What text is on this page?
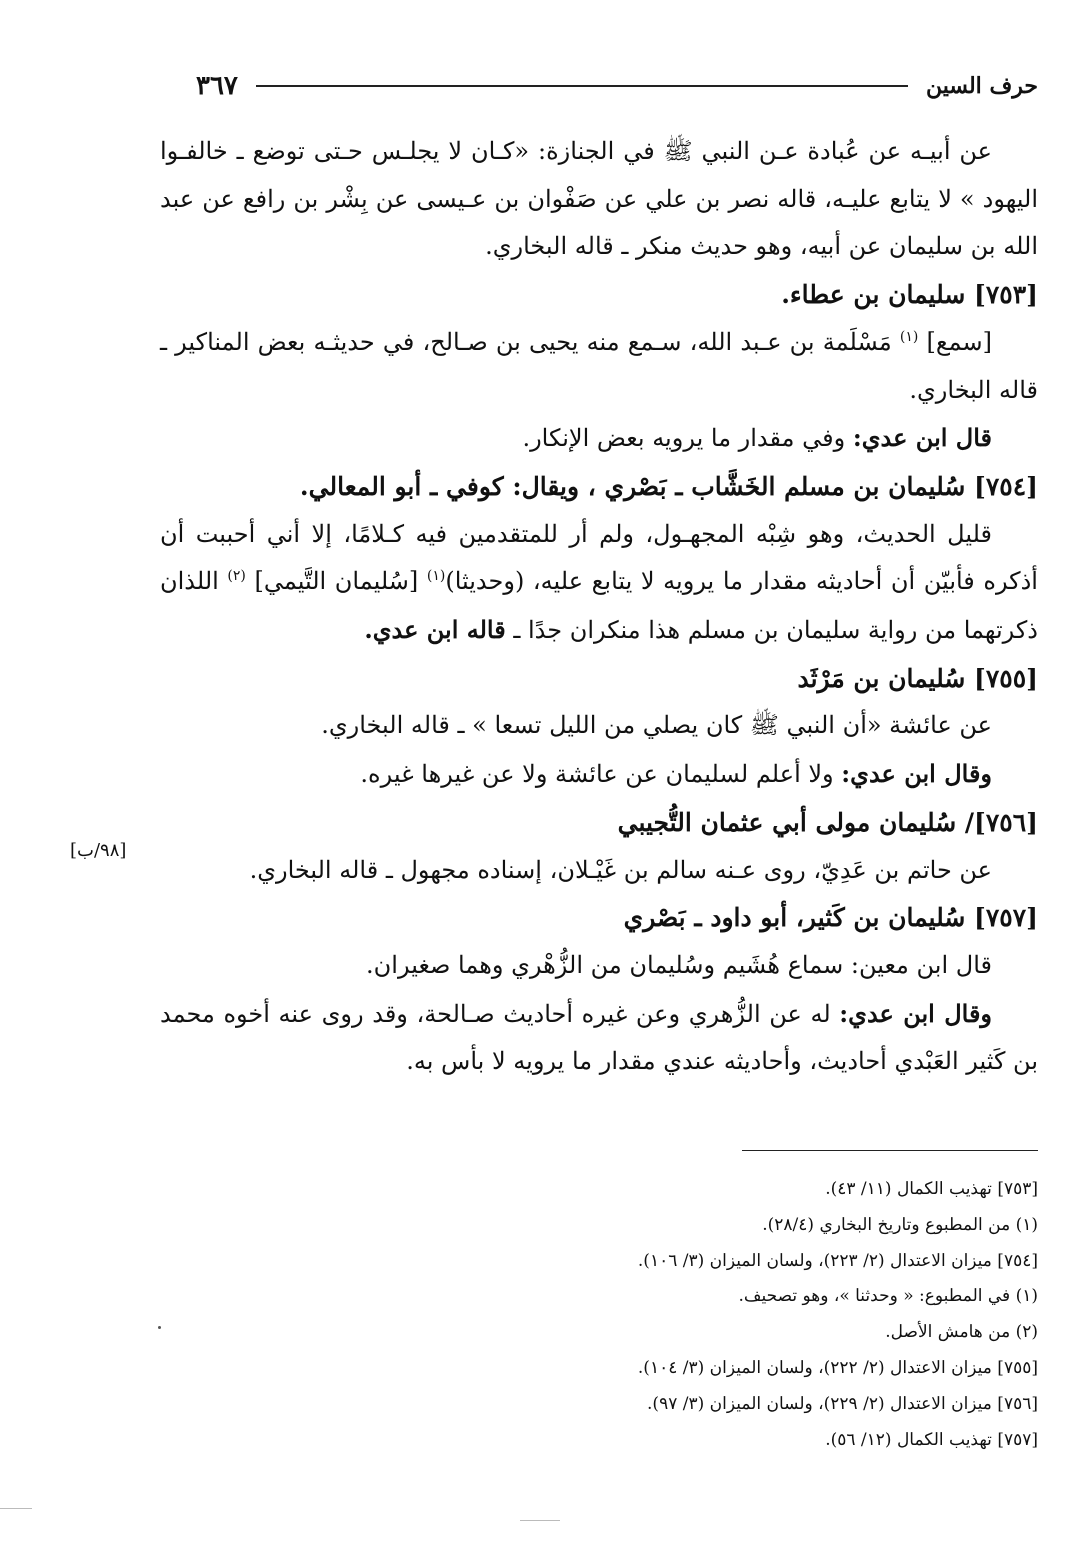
حرف السين
٣٦٧
[٩٨/ب]

عن أبيـه عن عُبادة عـن النبي ﷺ في الجنازة: «كـان لا يجلـس حـتى توضع ـ خالفـوا اليهود » لا يتابع عليـه، قاله نصر بن علي عن صَفْوان بن عـيسى عن بِشْر بن رافع عن عبد الله بن سليمان عن أبيه، وهو حديث منكر ـ قاله البخاري.

[٧٥٣] سليمان بن عطاء.

[سمع] $^{(١)}$ مَسْلَمة بن عـبد الله، سـمع منه يحيى بن صـالح، في حديثـه بعض المناكير ـ قاله البخاري.

قال ابن عدي: وفي مقدار ما يرويه بعض الإنكار.

[٧٥٤] سُليمان بن مسلم الخَشَّاب ـ بَصْري ، ويقال: كوفي ـ أبو المعالي.

قليل الحديث، وهو شِبْه المجهـول، ولم أر للمتقدمين فيه كـلامًا، إلا أني أحببت أن أذكره فأبيّن أن أحاديثه مقدار ما يرويه لا يتابع عليه، (وحديثا)$^{(١)}$ [سُليمان التَّيمي] $^{(٢)}$ اللذان ذكرتهما من رواية سليمان بن مسلم هذا منكران جدًا ـ قاله ابن عدي.

[٧٥٥] سُليمان بن مَرْثَد

عن عائشة «أن النبي ﷺ كان يصلي من الليل تسعا » ـ قاله البخاري.

وقال ابن عدي: ولا أعلم لسليمان عن عائشة ولا عن غيرها غيره.

[٧٥٦]/ سُليمان مولى أبي عثمان التُّجيبي

عن حاتم بن عَدِيّ، روى عـنه سالم بن غَيْـلان، إسناده مجهول ـ قاله البخاري.

[٧٥٧] سُليمان بن كَثير، أبو داود ـ بَصْري

قال ابن معين: سماع هُشَيم وسُليمان من الزُّهْري وهما صغيران.

وقال ابن عدي: له عن الزُّهري وعن غيره أحاديث صـالحة، وقد روى عنه أخوه محمد بن كَثير العَبْدي أحاديث، وأحاديثه عندي مقدار ما يرويه لا بأس به.

[٧٥٣] تهذيب الكمال (١١/ ٤٣).
(١) من المطبوع وتاريخ البخاري (٢٨/٤).
[٧٥٤] ميزان الاعتدال (٢/ ٢٢٣)، ولسان الميزان (٣/ ١٠٦).
(١) في المطبوع: « وحدثنا »، وهو تصحيف.
(٢) من هامش الأصل.
[٧٥٥] ميزان الاعتدال (٢/ ٢٢٢)، ولسان الميزان (٣/ ١٠٤).
[٧٥٦] ميزان الاعتدال (٢/ ٢٢٩)، ولسان الميزان (٣/ ٩٧).
[٧٥٧] تهذيب الكمال (١٢/ ٥٦).
